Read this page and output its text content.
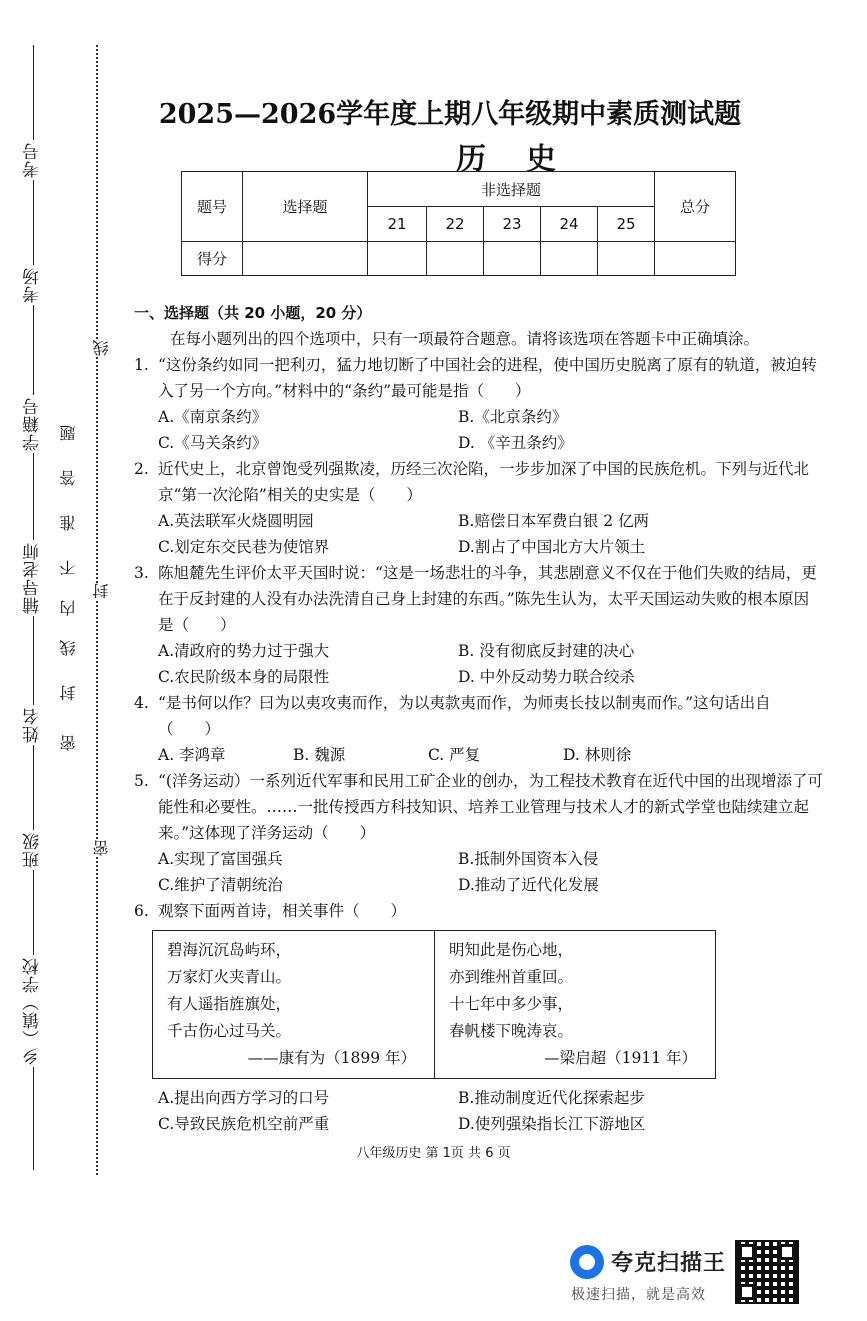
考号
考场
学籍号
辅导老师
姓名
班级
乡（镇）学校
密
封
线
内
不
准
答
题
线
封
密
2025—2026学年度上期八年级期中素质测试题
历史
题号	选择题	非选择题					总分
		21	22	23	24	25	
得分							
一、选择题（共 20 小题，20 分）
在每小题列出的四个选项中，只有一项最符合题意。请将该选项在答题卡中正确填涂。
1. “这份条约如同一把利刃，猛力地切断了中国社会的进程，使中国历史脱离了原有的轨道，被迫转入了另一个方向。”材料中的“条约”最可能是指（　　）
A.《南京条约》	B.《北京条约》
C.《马关条约》	D. 《辛丑条约》
2. 近代史上，北京曾饱受列强欺凌，历经三次沦陷，一步步加深了中国的民族危机。下列与近代北京“第一次沦陷”相关的史实是（　　）
A.英法联军火烧圆明园	B.赔偿日本军费白银 2 亿两
C.划定东交民巷为使馆界	D.割占了中国北方大片领土
3. 陈旭麓先生评价太平天国时说：“这是一场悲壮的斗争，其悲剧意义不仅在于他们失败的结局，更在于反封建的人没有办法洗清自己身上封建的东西。”陈先生认为，太平天国运动失败的根本原因是（　　）
A.清政府的势力过于强大	B. 没有彻底反封建的决心
C.农民阶级本身的局限性	D. 中外反动势力联合绞杀
4. “是书何以作？曰为以夷攻夷而作，为以夷款夷而作，为师夷长技以制夷而作。”这句话出自（　　）
A. 李鸿章	B. 魏源	C. 严复	D. 林则徐
5. “(洋务运动）一系列近代军事和民用工矿企业的创办，为工程技术教育在近代中国的出现增添了可能性和必要性。……一批传授西方科技知识、培养工业管理与技术人才的新式学堂也陆续建立起来。”这体现了洋务运动（　　）
A.实现了富国强兵	B.抵制外国资本入侵
C.维护了清朝统治	D.推动了近代化发展
6. 观察下面两首诗，相关事件（　　）
碧海沉沉岛屿环，
万家灯火夹青山。
有人遥指旌旗处，
千古伤心过马关。
——康有为（1899 年）
明知此是伤心地，
亦到维州首重回。
十七年中多少事，
春帆楼下晚涛哀。
—梁启超（1911 年）
A.提出向西方学习的口号	B.推动制度近代化探索起步
C.导致民族危机空前严重	D.使列强染指长江下游地区
八年级历史 第 1页 共 6 页
夸克扫描王
极速扫描，就是高效
